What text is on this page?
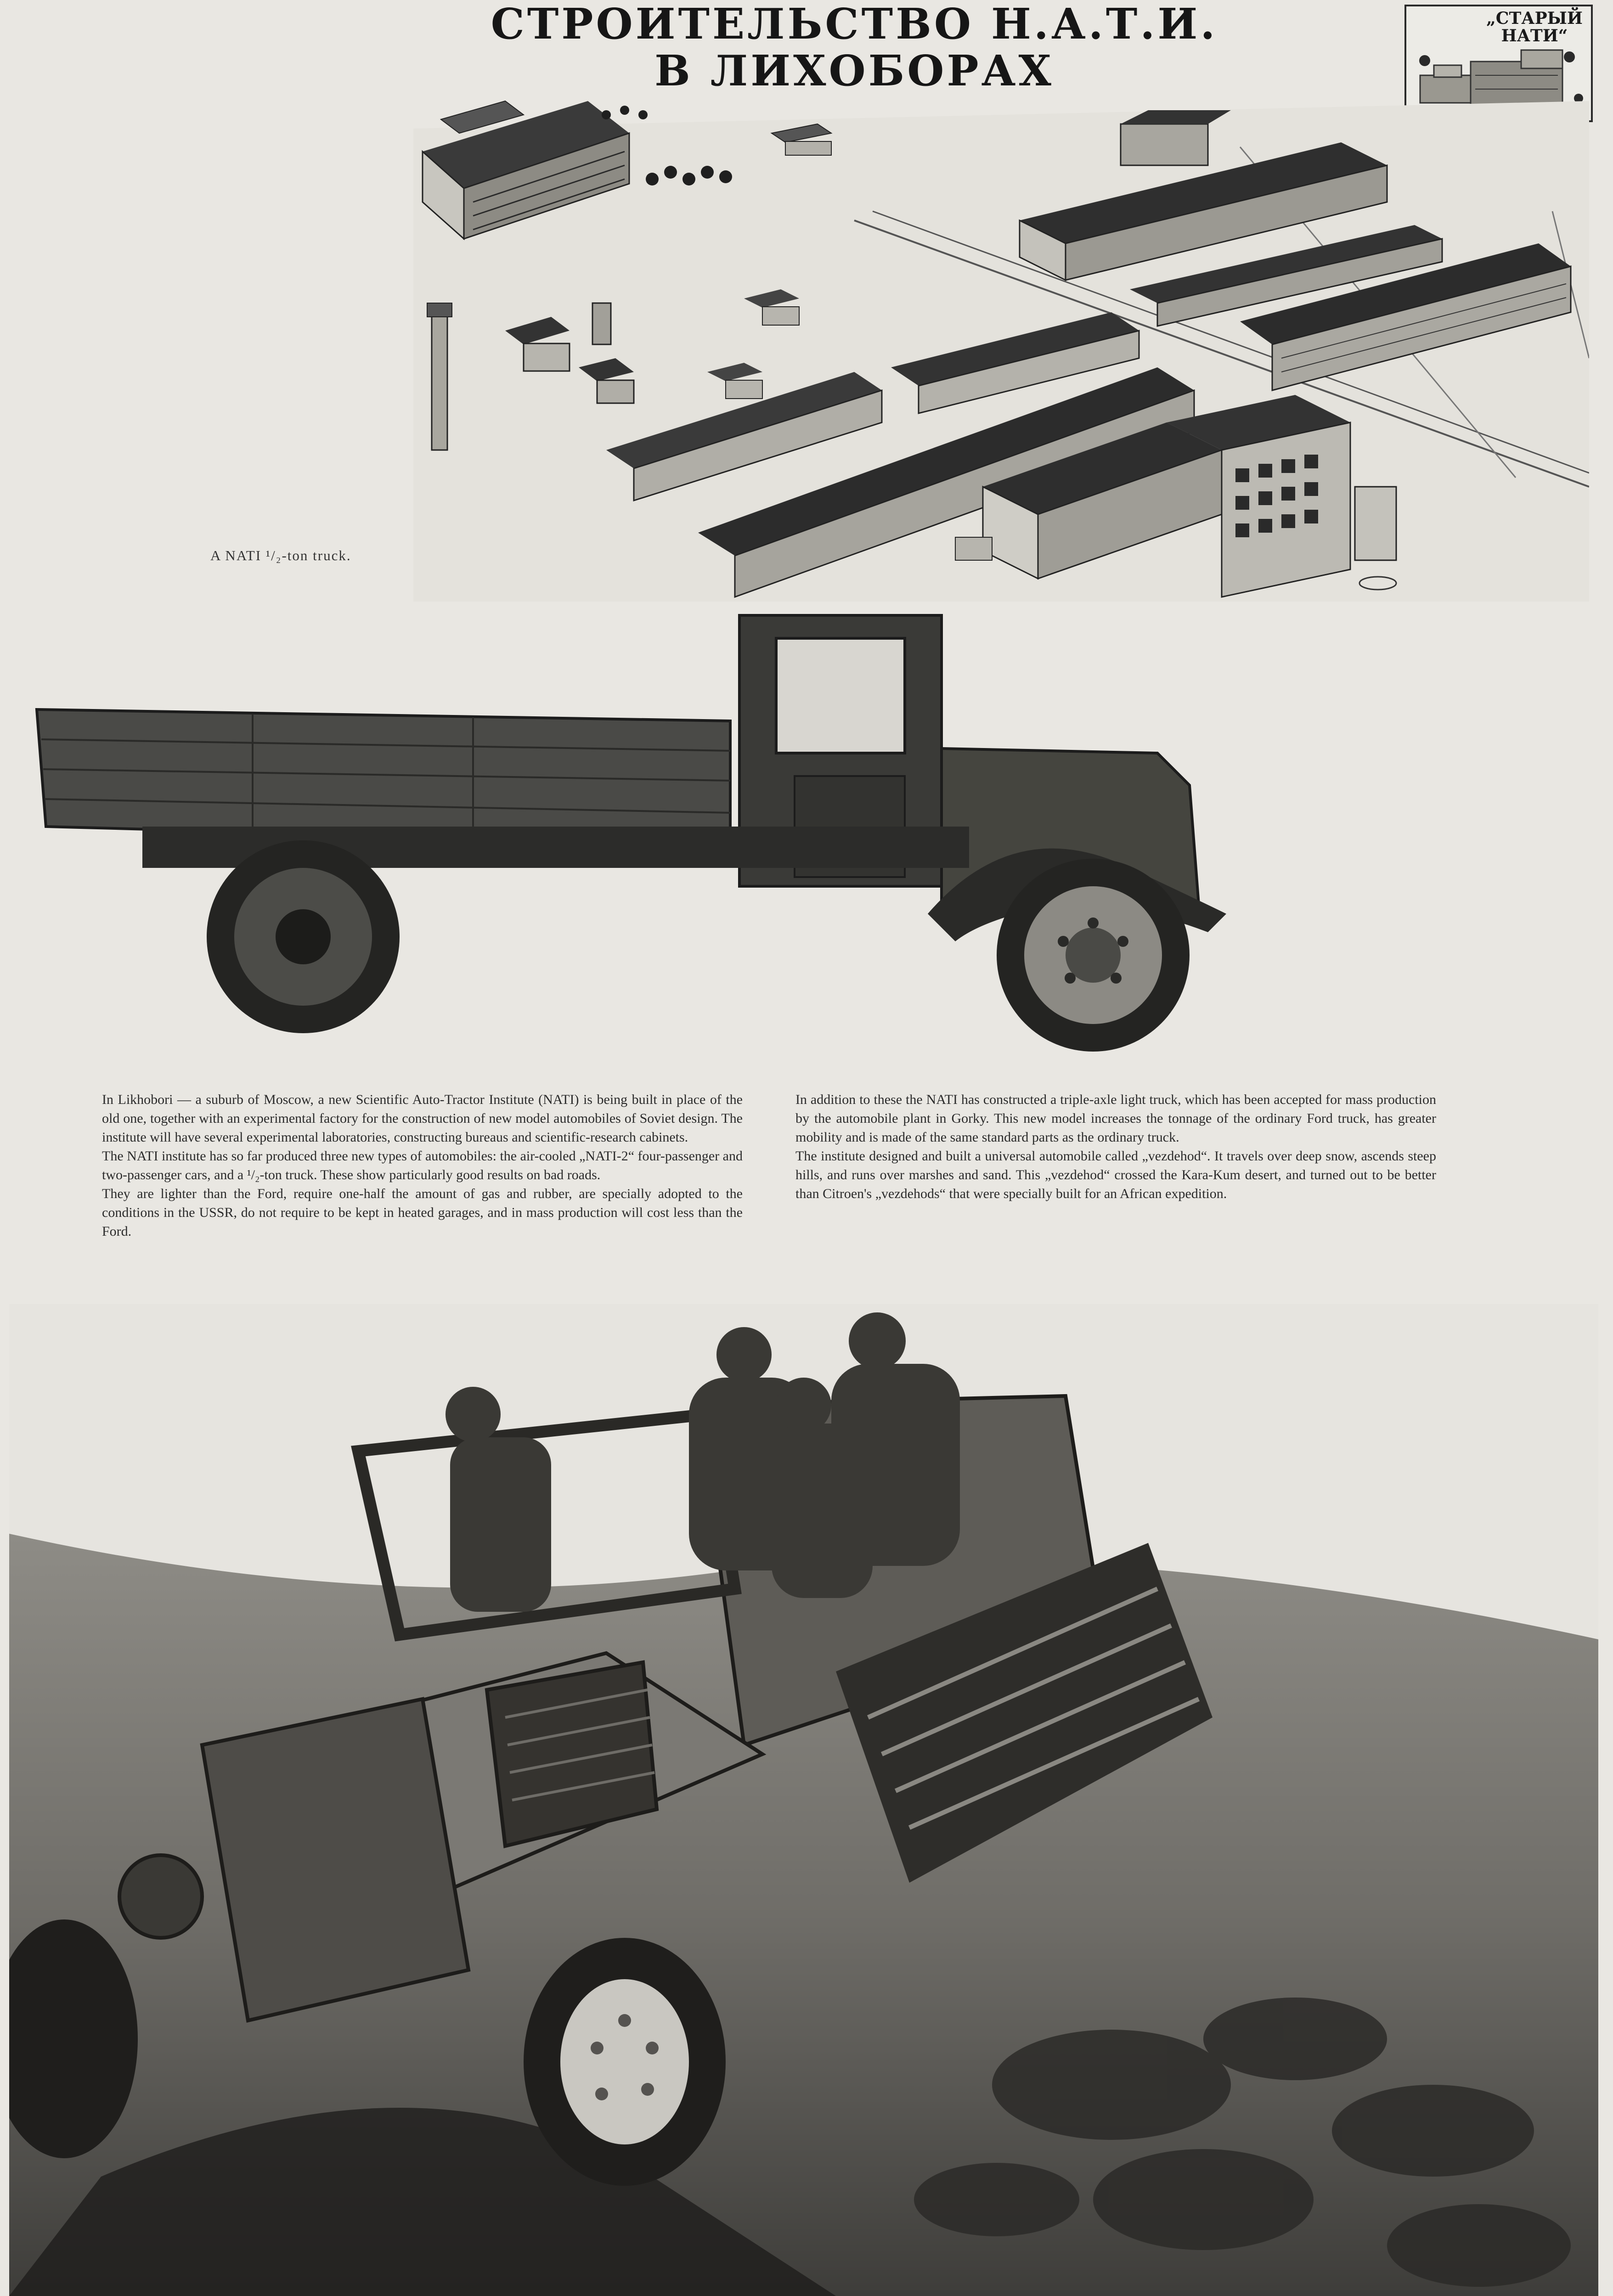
СТРОИТЕЛЬСТВО Н.А.Т.И.
В ЛИХОБОРАХ
„СТАРЫЙ
НАТИ“
A NATI ¹/₂-ton truck.

In Likhobori — a suburb of Moscow, a new Scientific Auto-Tractor Institute (NATI) is being built in place of the old one, together with an experimental factory for the construction of new model automobiles of Soviet design. The institute will have several experimental laboratories, constructing bureaus and scientific-research cabinets.

The NATI institute has so far produced three new types of automobiles: the air-cooled „NATI-2“ four-passenger and two-passenger cars, and a ¹/₂-ton truck. These show particularly good results on bad roads.

They are lighter than the Ford, require one-half the amount of gas and rubber, are specially adopted to the conditions in the USSR, do not require to be kept in heated garages, and in mass production will cost less than the Ford.

In addition to these the NATI has constructed a triple-axle light truck, which has been accepted for mass production by the automobile plant in Gorky. This new model increases the tonnage of the ordinary Ford truck, has greater mobility and is made of the same standard parts as the ordinary truck.

The institute designed and built a universal automobile called „vezdehod“. It travels over deep snow, ascends steep hills, and runs over marshes and sand. This „vezdehod“ crossed the Kara-Kum desert, and turned out to be better than Citroen's „vezdehods“ that were specially built for an African expedition.
